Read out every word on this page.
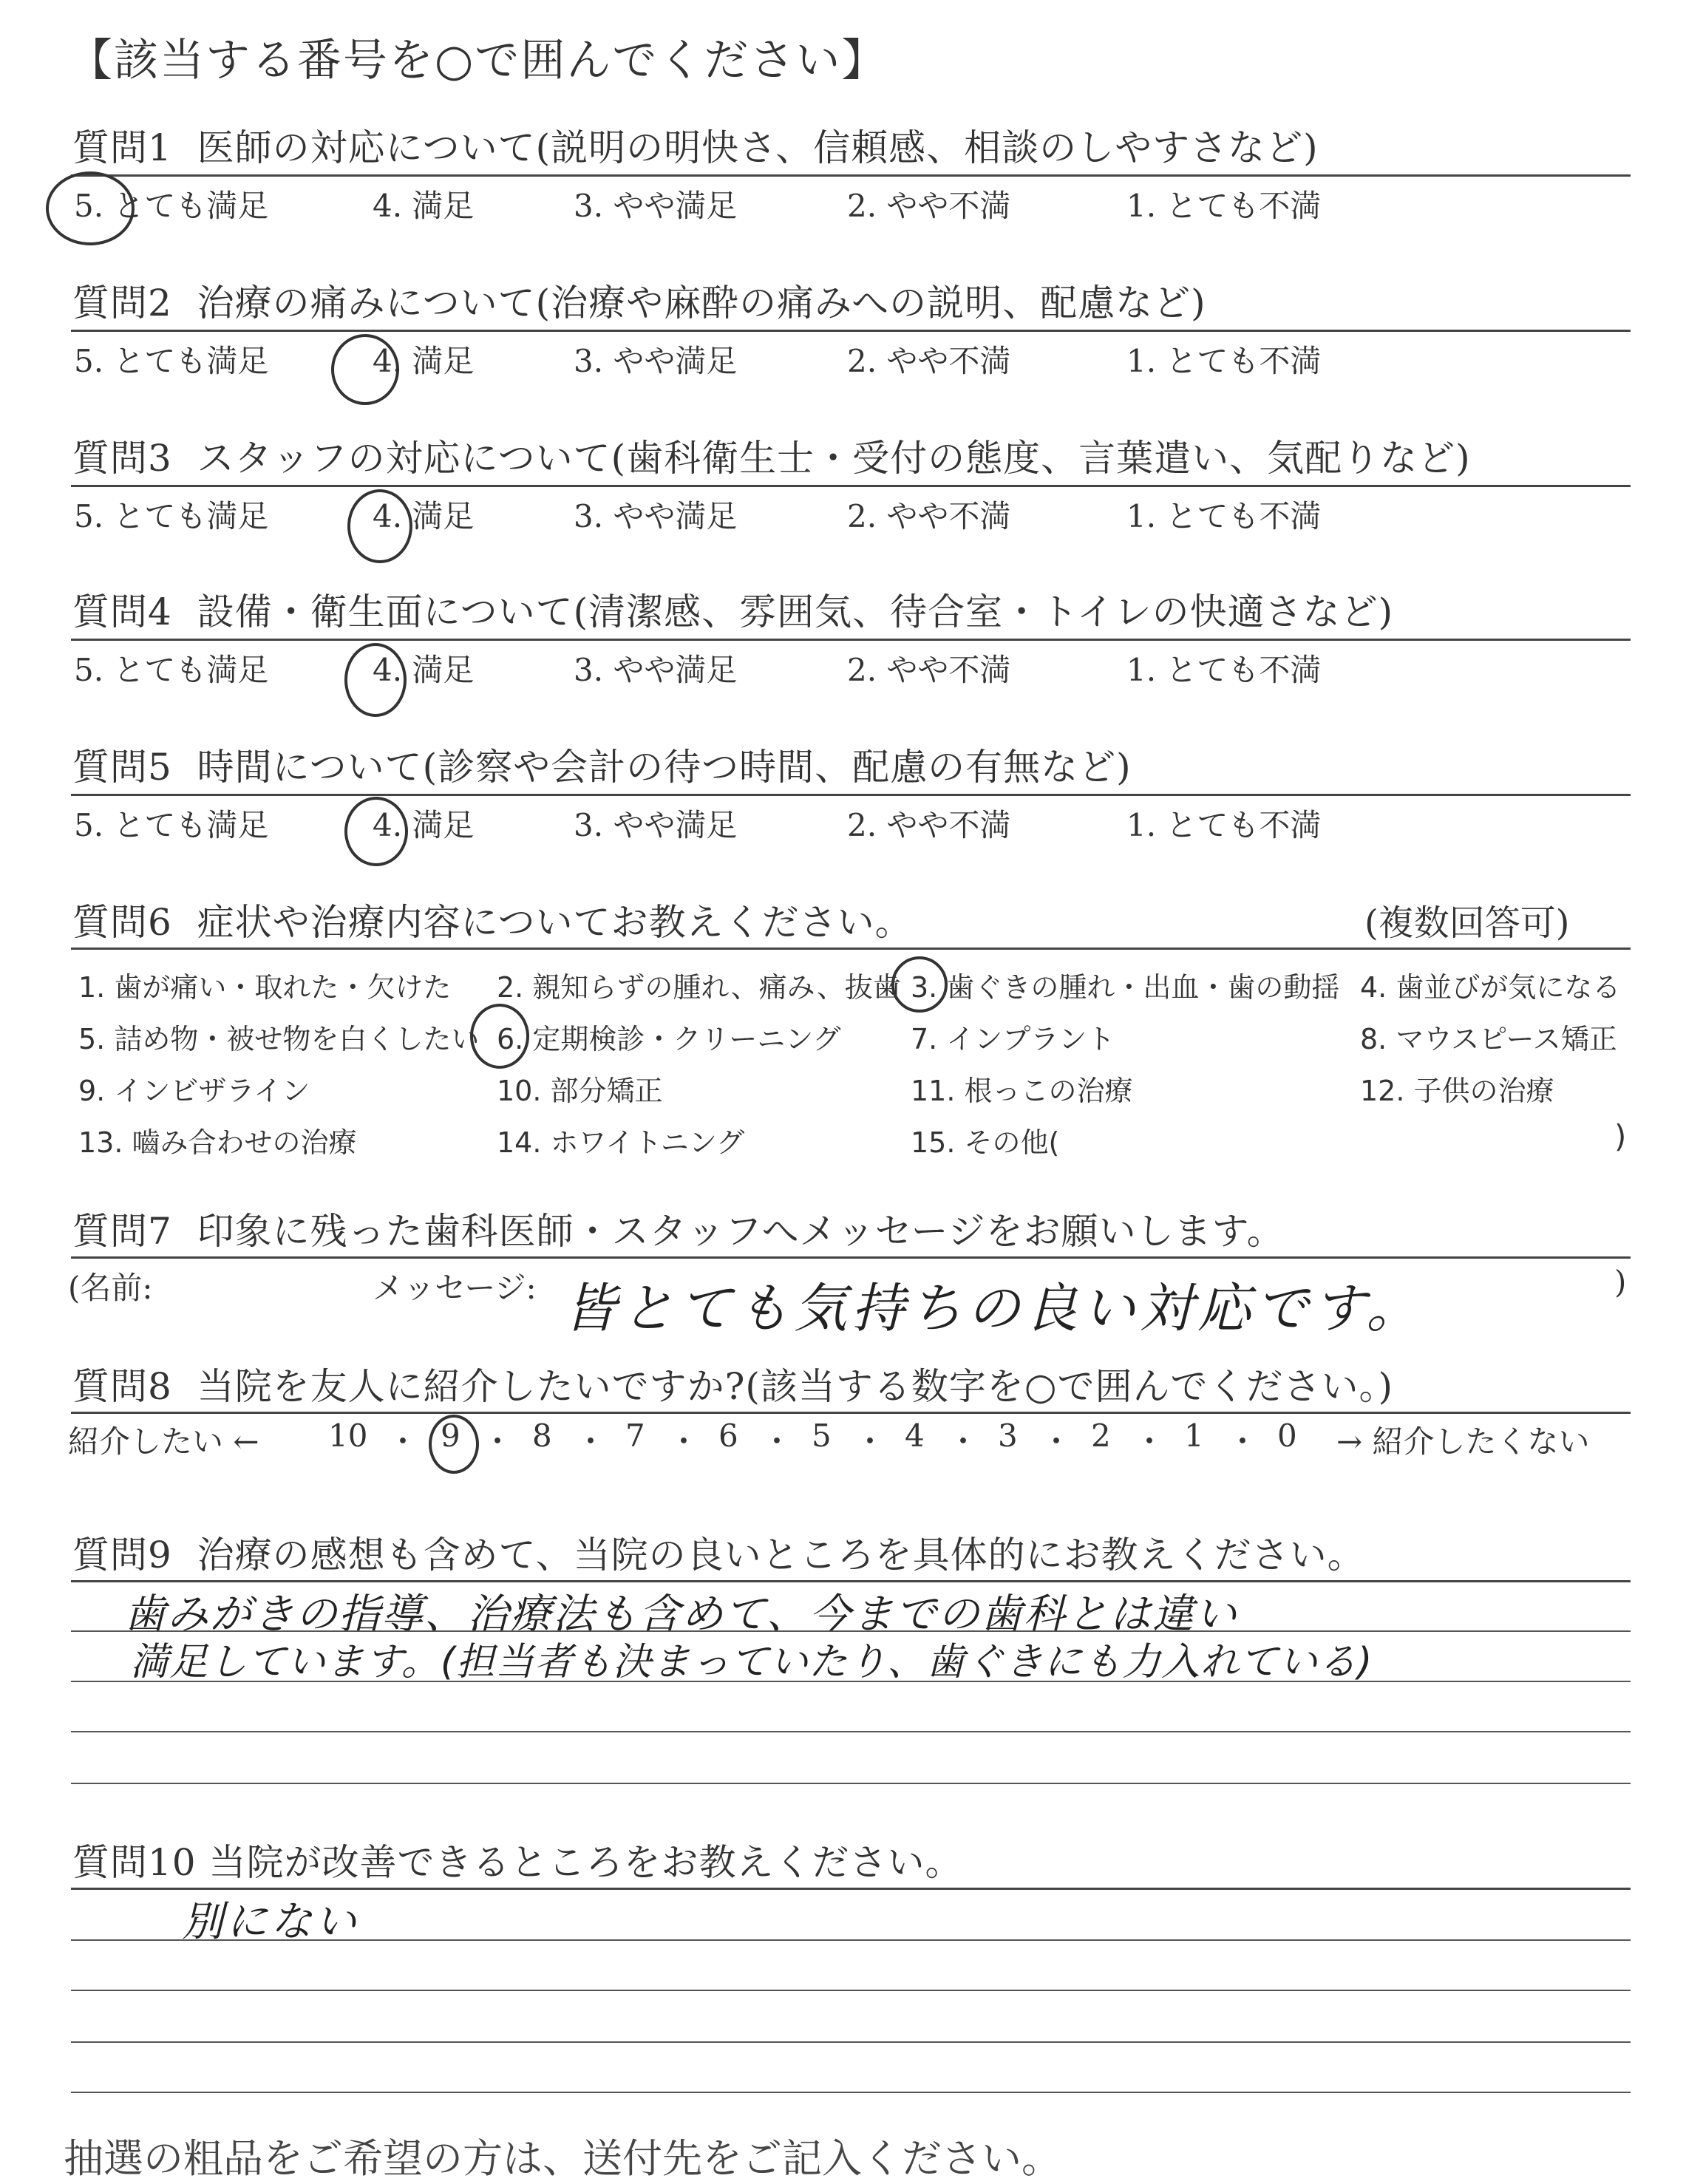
【該当する番号を○で囲んでください】
質問1 医師の対応について(説明の明快さ、信頼感、相談のしやすさなど)
5. とても満足	4. 満足	3. やや満足	2. やや不満	1. とても不満
質問2 治療の痛みについて(治療や麻酔の痛みへの説明、配慮など)
5. とても満足	4. 満足	3. やや満足	2. やや不満	1. とても不満
質問3 スタッフの対応について(歯科衛生士・受付の態度、言葉遣い、気配りなど)
5. とても満足	4. 満足	3. やや満足	2. やや不満	1. とても不満
質問4 設備・衛生面について(清潔感、雰囲気、待合室・トイレの快適さなど)
5. とても満足	4. 満足	3. やや満足	2. やや不満	1. とても不満
質問5 時間について(診察や会計の待つ時間、配慮の有無など)
5. とても満足	4. 満足	3. やや満足	2. やや不満	1. とても不満
質問6 症状や治療内容についてお教えください。	(複数回答可)
1. 歯が痛い・取れた・欠けた 2. 親知らずの腫れ、痛み、抜歯 3. 歯ぐきの腫れ・出血・歯の動揺 4. 歯並びが気になる
5. 詰め物・被せ物を白くしたい 6. 定期検診・クリーニング 7. インプラント	8. マウスピース矯正
9. インビザライン	10. 部分矯正	11. 根っこの治療	12. 子供の治療
13. 嚙み合わせの治療	14. ホワイトニング	15. その他(	)
質問7 印象に残った歯科医師・スタッフへメッセージをお願いします。
(名前:	メッセージ: 皆とても気持ちの良い対応です。	)
質問8 当院を友人に紹介したいですか?(該当する数字を○で囲んでください。)
紹介したい ← 10 ・ 9 ・ 8 ・ 7 ・ 6 ・ 5 ・ 4 ・ 3 ・ 2 ・ 1 ・ 0 → 紹介したくない
質問9 治療の感想も含めて、当院の良いところを具体的にお教えください。
歯みがきの指導、治療法も含めて、今までの歯科とは違い
満足しています。(担当者も決まっていたり、歯ぐきにも力入れている)
質問10 当院が改善できるところをお教えください。
別にない
抽選の粗品をご希望の方は、送付先をご記入ください。
